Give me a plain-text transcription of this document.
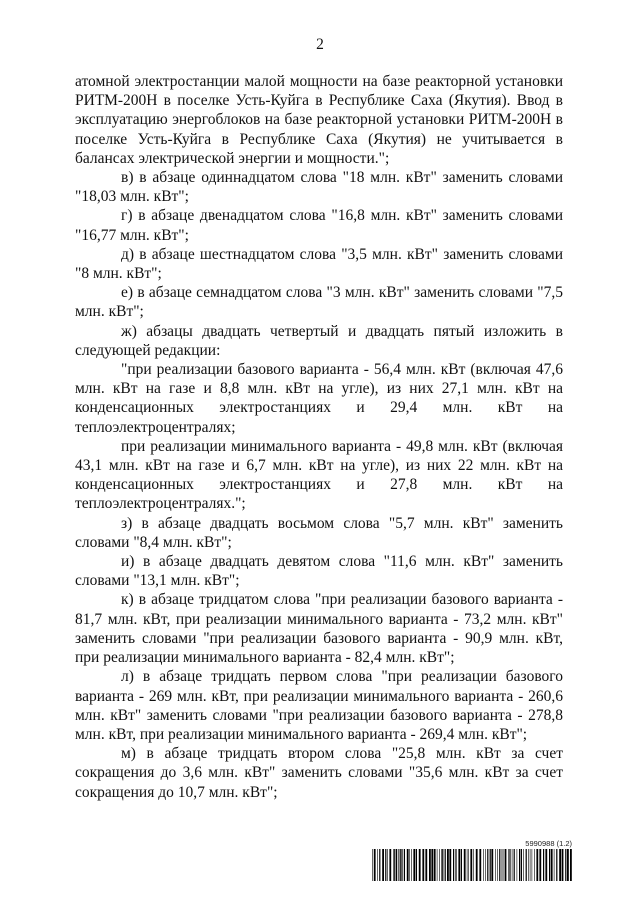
2

атомной электростанции малой мощности на базе реакторной установки РИТМ-200Н в поселке Усть-Куйга в Республике Саха (Якутия). Ввод в эксплуатацию энергоблоков на базе реакторной установки РИТМ-200Н в поселке Усть-Куйга в Республике Саха (Якутия) не учитывается в балансах электрической энергии и мощности.";

в) в абзаце одиннадцатом слова "18 млн. кВт" заменить словами "18,03 млн. кВт";

г) в абзаце двенадцатом слова "16,8 млн. кВт" заменить словами "16,77 млн. кВт";

д) в абзаце шестнадцатом слова "3,5 млн. кВт" заменить словами "8 млн. кВт";

е) в абзаце семнадцатом слова "3 млн. кВт" заменить словами "7,5 млн. кВт";

ж) абзацы двадцать четвертый и двадцать пятый изложить в следующей редакции:

"при реализации базового варианта - 56,4 млн. кВт (включая 47,6 млн. кВт на газе и 8,8 млн. кВт на угле), из них 27,1 млн. кВт на конденсационных электростанциях и 29,4 млн. кВт на теплоэлектроцентралях;

при реализации минимального варианта - 49,8 млн. кВт (включая 43,1 млн. кВт на газе и 6,7 млн. кВт на угле), из них 22 млн. кВт на конденсационных электростанциях и 27,8 млн. кВт на теплоэлектроцентралях.";

з) в абзаце двадцать восьмом слова "5,7 млн. кВт" заменить словами "8,4 млн. кВт";

и) в абзаце двадцать девятом слова "11,6 млн. кВт" заменить словами "13,1 млн. кВт";

к) в абзаце тридцатом слова "при реализации базового варианта - 81,7 млн. кВт, при реализации минимального варианта - 73,2 млн. кВт" заменить словами "при реализации базового варианта - 90,9 млн. кВт, при реализации минимального варианта - 82,4 млн. кВт";

л) в абзаце тридцать первом слова "при реализации базового варианта - 269 млн. кВт, при реализации минимального варианта - 260,6 млн. кВт" заменить словами "при реализации базового варианта - 278,8 млн. кВт, при реализации минимального варианта - 269,4 млн. кВт";

м) в абзаце тридцать втором слова "25,8 млн. кВт за счет сокращения до 3,6 млн. кВт" заменить словами "35,6 млн. кВт за счет сокращения до 10,7 млн. кВт";

5990988 (1.2)
